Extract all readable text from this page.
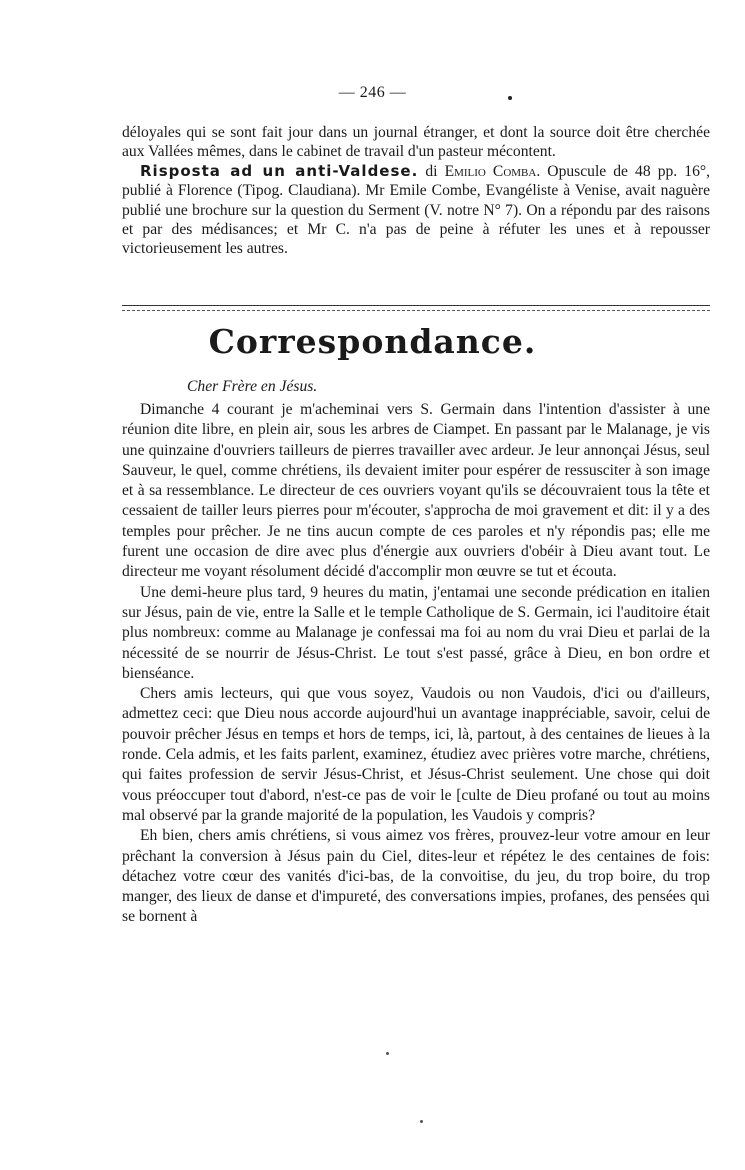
— 246 —

déloyales qui se sont fait jour dans un journal étranger, et dont la source doit être cherchée aux Vallées mêmes, dans le cabinet de travail d'un pasteur mécontent.

Risposta ad un anti-Valdese. di Emilio Comba. Opuscule de 48 pp. 16°, publié à Florence (Tipog. Claudiana). Mr Emile Combe, Evangéliste à Venise, avait naguère publié une brochure sur la question du Serment (V. notre N° 7). On a répondu par des raisons et par des médisances; et Mr C. n'a pas de peine à réfuter les unes et à repousser victorieusement les autres.

Correspondance.
Cher Frère en Jésus.

Dimanche 4 courant je m'acheminai vers S. Germain dans l'intention d'assister à une réunion dite libre, en plein air, sous les arbres de Ciampet. En passant par le Malanage, je vis une quinzaine d'ouvriers tailleurs de pierres travailler avec ardeur. Je leur annonçai Jésus, seul Sauveur, le quel, comme chrétiens, ils devaient imiter pour espérer de ressusciter à son image et à sa ressemblance. Le directeur de ces ouvriers voyant qu'ils se découvraient tous la tête et cessaient de tailler leurs pierres pour m'écouter, s'approcha de moi gravement et dit: il y a des temples pour prêcher. Je ne tins aucun compte de ces paroles et n'y répondis pas; elle me furent une occasion de dire avec plus d'énergie aux ouvriers d'obéir à Dieu avant tout. Le directeur me voyant résolument décidé d'accomplir mon œuvre se tut et écouta.

Une demi-heure plus tard, 9 heures du matin, j'entamai une seconde prédication en italien sur Jésus, pain de vie, entre la Salle et le temple Catholique de S. Germain, ici l'auditoire était plus nombreux: comme au Malanage je confessai ma foi au nom du vrai Dieu et parlai de la nécessité de se nourrir de Jésus-Christ. Le tout s'est passé, grâce à Dieu, en bon ordre et bienséance.

Chers amis lecteurs, qui que vous soyez, Vaudois ou non Vaudois, d'ici ou d'ailleurs, admettez ceci: que Dieu nous accorde aujourd'hui un avantage inappréciable, savoir, celui de pouvoir prêcher Jésus en temps et hors de temps, ici, là, partout, à des centaines de lieues à la ronde. Cela admis, et les faits parlent, examinez, étudiez avec prières votre marche, chrétiens, qui faites profession de servir Jésus-Christ, et Jésus-Christ seulement. Une chose qui doit vous préoccuper tout d'abord, n'est-ce pas de voir le [culte de Dieu profané ou tout au moins mal observé par la grande majorité de la population, les Vaudois y compris?

Eh bien, chers amis chrétiens, si vous aimez vos frères, prouvez-leur votre amour en leur prêchant la conversion à Jésus pain du Ciel, dites-leur et répétez le des centaines de fois: détachez votre cœur des vanités d'ici-bas, de la convoitise, du jeu, du trop boire, du trop manger, des lieux de danse et d'impureté, des conversations impies, profanes, des pensées qui se bornent à
